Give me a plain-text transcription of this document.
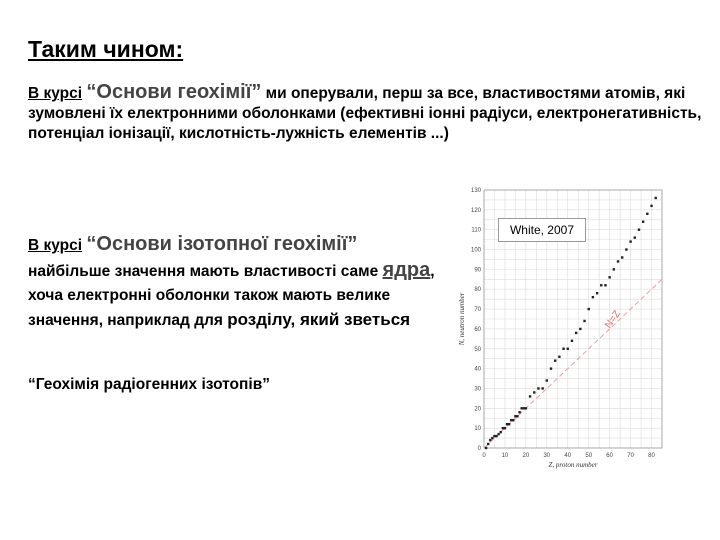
Таким чином:

В курсі “Основи геохімії” ми оперували, перш за все, властивостями атомів, які зумовлені їх електронними оболонками (ефективні іонні радіуси, електронегативність, потенціал іонізації, кислотність-лужність елементів ...)

В курсі “Основи ізотопної геохімії”
найбільше значення мають властивості саме ядра, хоча електронні оболонки також мають велике значення, наприклад для розділу, який зветься

“Геохімія радіогенних ізотопів”

N=Z
0	10 20 30 40 50 60 70 80
0
10
20
30
40
50
60
70
80
90
100
110
120
130
Z, proton number
N, neutron number
White, 2007
